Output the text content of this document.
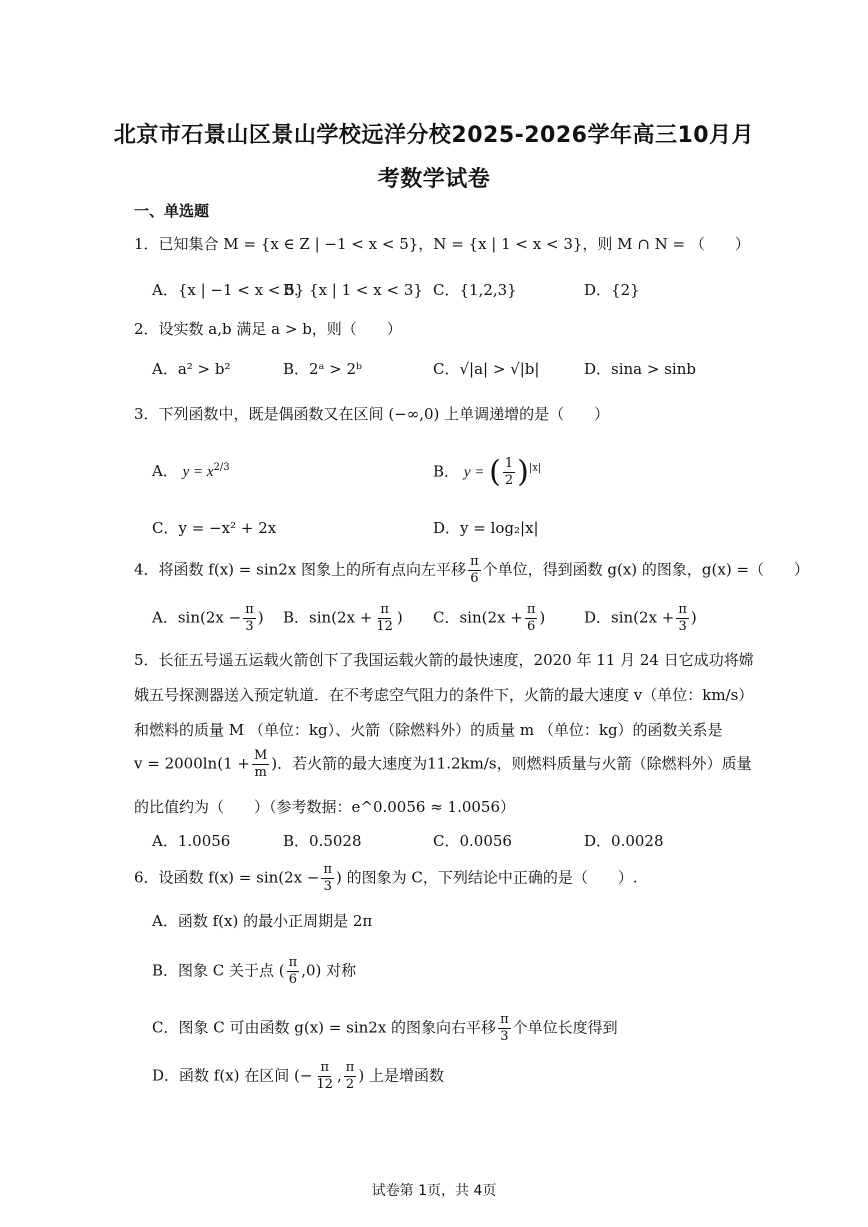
北京市石景山区景山学校远洋分校2025-2026学年高三10月月
考数学试卷
一、单选题
1．已知集合 M = {x ∈ Z | −1 < x < 5}，N = {x | 1 < x < 3}，则 M ∩ N = （　　）
A．{x | −1 < x < 5}
B．{x | 1 < x < 3} C．{1,2,3}	D．{2}
2．设实数 a,b 满足 a > b，则（　　）
A．a² > b²	B．2ᵃ > 2ᵇ	C．√|a| > √|b|	D．sina > sinb
3．下列函数中，既是偶函数又在区间 (−∞,0) 上单调递增的是（　　）
A． $y = x^{2/3}$	B． y = ( $\frac{1}{2} )^{|x|}$
C．y = −x² + 2x	D．y = log₂|x|
4．将函数 f(x) = sin2x 图象上的所有点向左平移 $\frac{\pi}{6}$ 个单位，得到函数 g(x) 的图象，g(x) =（　　）
A．$\sin(2x - \frac{\pi}{3}$ ) B．$\sin(2x + \frac{\pi}{12}$ ) C．$\sin(2x + \frac{\pi}{6}$ )	D．$\sin(2x + \frac{\pi}{3}$ )
5．长征五号遥五运载火箭创下了我国运载火箭的最快速度，2020 年 11 月 24 日它成功将嫦
娥五号探测器送入预定轨道．在不考虑空气阻力的条件下，火箭的最大速度 v（单位：km/s）
和燃料的质量 M （单位：kg）、火箭（除燃料外）的质量 m （单位：kg）的函数关系是
$v = 2000\ln(1 + \frac{M}{m}$ )．若火箭的最大速度为11.2km/s，则燃料质量与火箭（除燃料外）质量
的比值约为（　　）（参考数据：e^0.0056 ≈ 1.0056）
A．1.0056	B．0.5028	C．0.0056	D．0.0028
6．设函数 $f(x) = \sin(2x - \frac{\pi}{3}$ ) 的图象为 C，下列结论中正确的是（　　）.
A．函数 f(x) 的最小正周期是 2π
B．图象 C 关于点 ( $\frac{\pi}{6} ,0$) 对称
C．图象 C 可由函数 g(x) = sin2x 的图象向右平移 $\frac{\pi}{3}$ 个单位长度得到
D．函数 f(x) 在区间 (− $\frac{\pi}{12}$ , $\frac{\pi}{2}$ ) 上是增函数
试卷第 1页，共 4页
